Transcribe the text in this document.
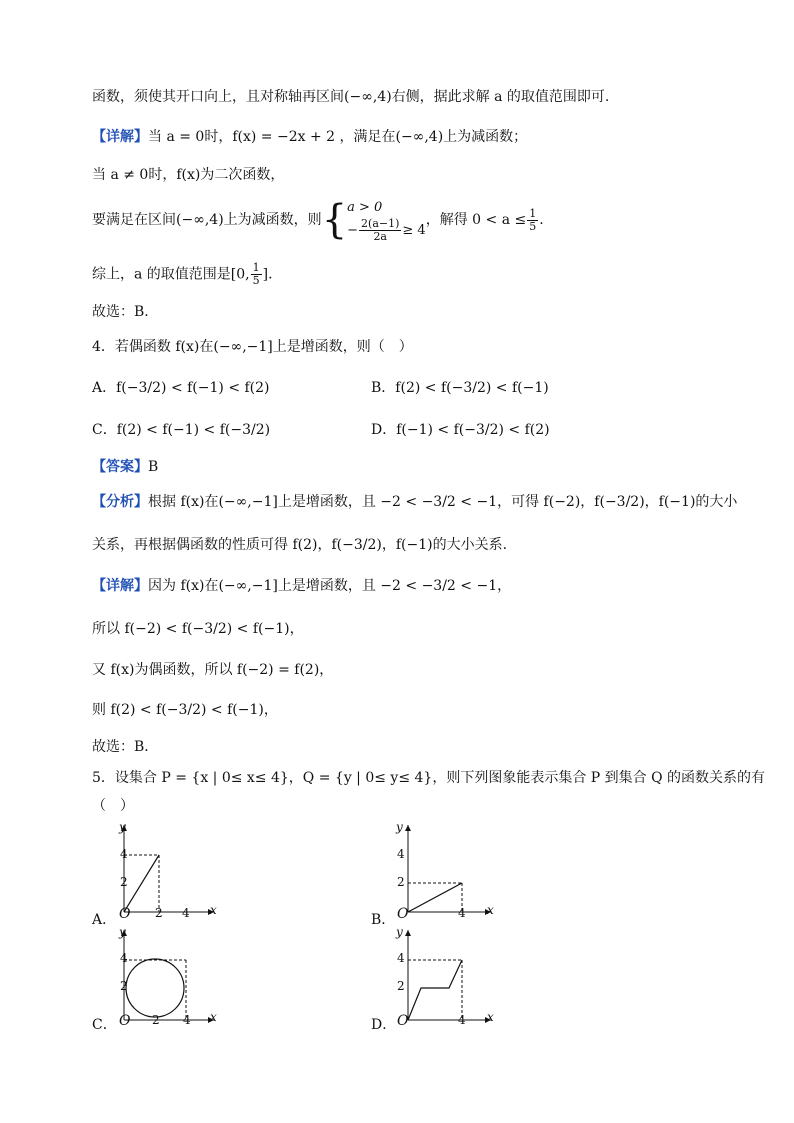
函数，须使其开口向上，且对称轴再区间(−∞,4)右侧，据此求解 a 的取值范围即可.
【详解】当 a = 0时，f(x) = −2x + 2 ，满足在(−∞,4)上为减函数；
当 a ≠ 0时，f(x)为二次函数，
要满足在区间(−∞,4)上为减函数，则{ a > 0
− $\frac{2(a-1)}{2a} \ge 4$
，解得 $0 < a \le \frac{1}{5}$ .
综上，a 的取值范围是[0, $\frac{1}{5}$ ].
故选：B.
4．若偶函数 f(x)在(−∞,−1]上是增函数，则（　）
A．f(−3/2) < f(−1) < f(2)	B．f(2) < f(−3/2) < f(−1)
C．f(2) < f(−1) < f(−3/2)	D．f(−1) < f(−3/2) < f(2)
【答案】B
【分析】根据 f(x)在(−∞,−1]上是增函数，且 −2 < −3/2 < −1，可得 f(−2)，f(−3/2)，f(−1)的大小
关系，再根据偶函数的性质可得 f(2)，f(−3/2)，f(−1)的大小关系.
【详解】因为 f(x)在(−∞,−1]上是增函数，且 −2 < −3/2 < −1，
所以 f(−2) < f(−3/2) < f(−1)，
又 f(x)为偶函数，所以 f(−2) = f(2)，
则 f(2) < f(−3/2) < f(−1)，
故选：B．
5．设集合 P = {x | 0≤ x≤ 4}，Q = {y | 0≤ y≤ 4}，则下列图象能表示集合 P 到集合 Q 的函数关系的有
（　）
A．
y
4
2
O 2 4 x
B．
y
4
2
O	4 x
C．
y
4
2
O 2 4 x	D．
y
4
2
O	4 x
